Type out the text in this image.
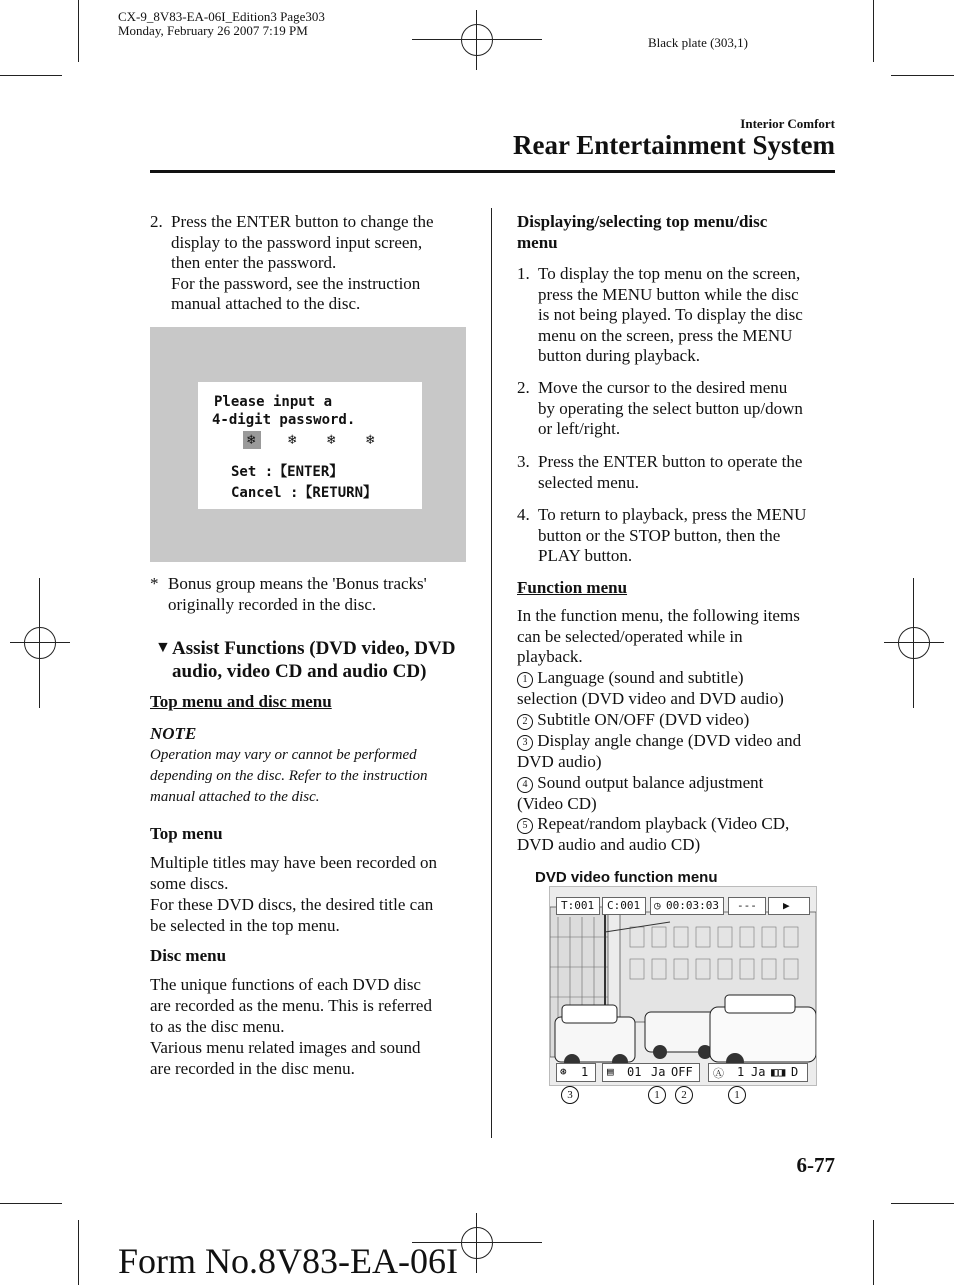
CX-9_8V83-EA-06I_Edition3 Page303
Monday, February 26 2007 7:19 PM
Black plate (303,1)
Interior Comfort
Rear Entertainment System
2. Press the ENTER button to change the
display to the password input screen,
then enter the password.
For the password, see the instruction
manual attached to the disc.
Please input a
4-digit password.
❄ ❄ ❄ ❄
Set :【ENTER】
Cancel :【RETURN】
* Bonus group means the 'Bonus tracks'
originally recorded in the disc.
▼ Assist Functions (DVD video, DVD
audio, video CD and audio CD)
Top menu and disc menu
NOTE
Operation may vary or cannot be performed
depending on the disc. Refer to the instruction
manual attached to the disc.
Top menu
Multiple titles may have been recorded on
some discs.
For these DVD discs, the desired title can
be selected in the top menu.
Disc menu
The unique functions of each DVD disc
are recorded as the menu. This is referred
to as the disc menu.
Various menu related images and sound
are recorded in the disc menu.
Displaying/selecting top menu/disc
menu
1. To display the top menu on the screen,
press the MENU button while the disc
is not being played. To display the disc
menu on the screen, press the MENU
button during playback.
2. Move the cursor to the desired menu
by operating the select button up/down
or left/right.
3. Press the ENTER button to operate the
selected menu.
4. To return to playback, press the MENU
button or the STOP button, then the
PLAY button.
Function menu
In the function menu, the following items
can be selected/operated while in
playback.
1 Language (sound and subtitle)
selection (DVD video and DVD audio)
2 Subtitle ON/OFF (DVD video)
3 Display angle change (DVD video and
DVD audio)
4 Sound output balance adjustment
(Video CD)
5 Repeat/random playback (Video CD,
DVD audio and audio CD)
DVD video function menu
T:001 C:001 ◷ 00:03:03 --- ▶
⊛ 1 ▤ 01 Ja OFF Ⓐ 1 Ja ◧◨ D
3	1	2	1
6-77
Form No.8V83-EA-06I
